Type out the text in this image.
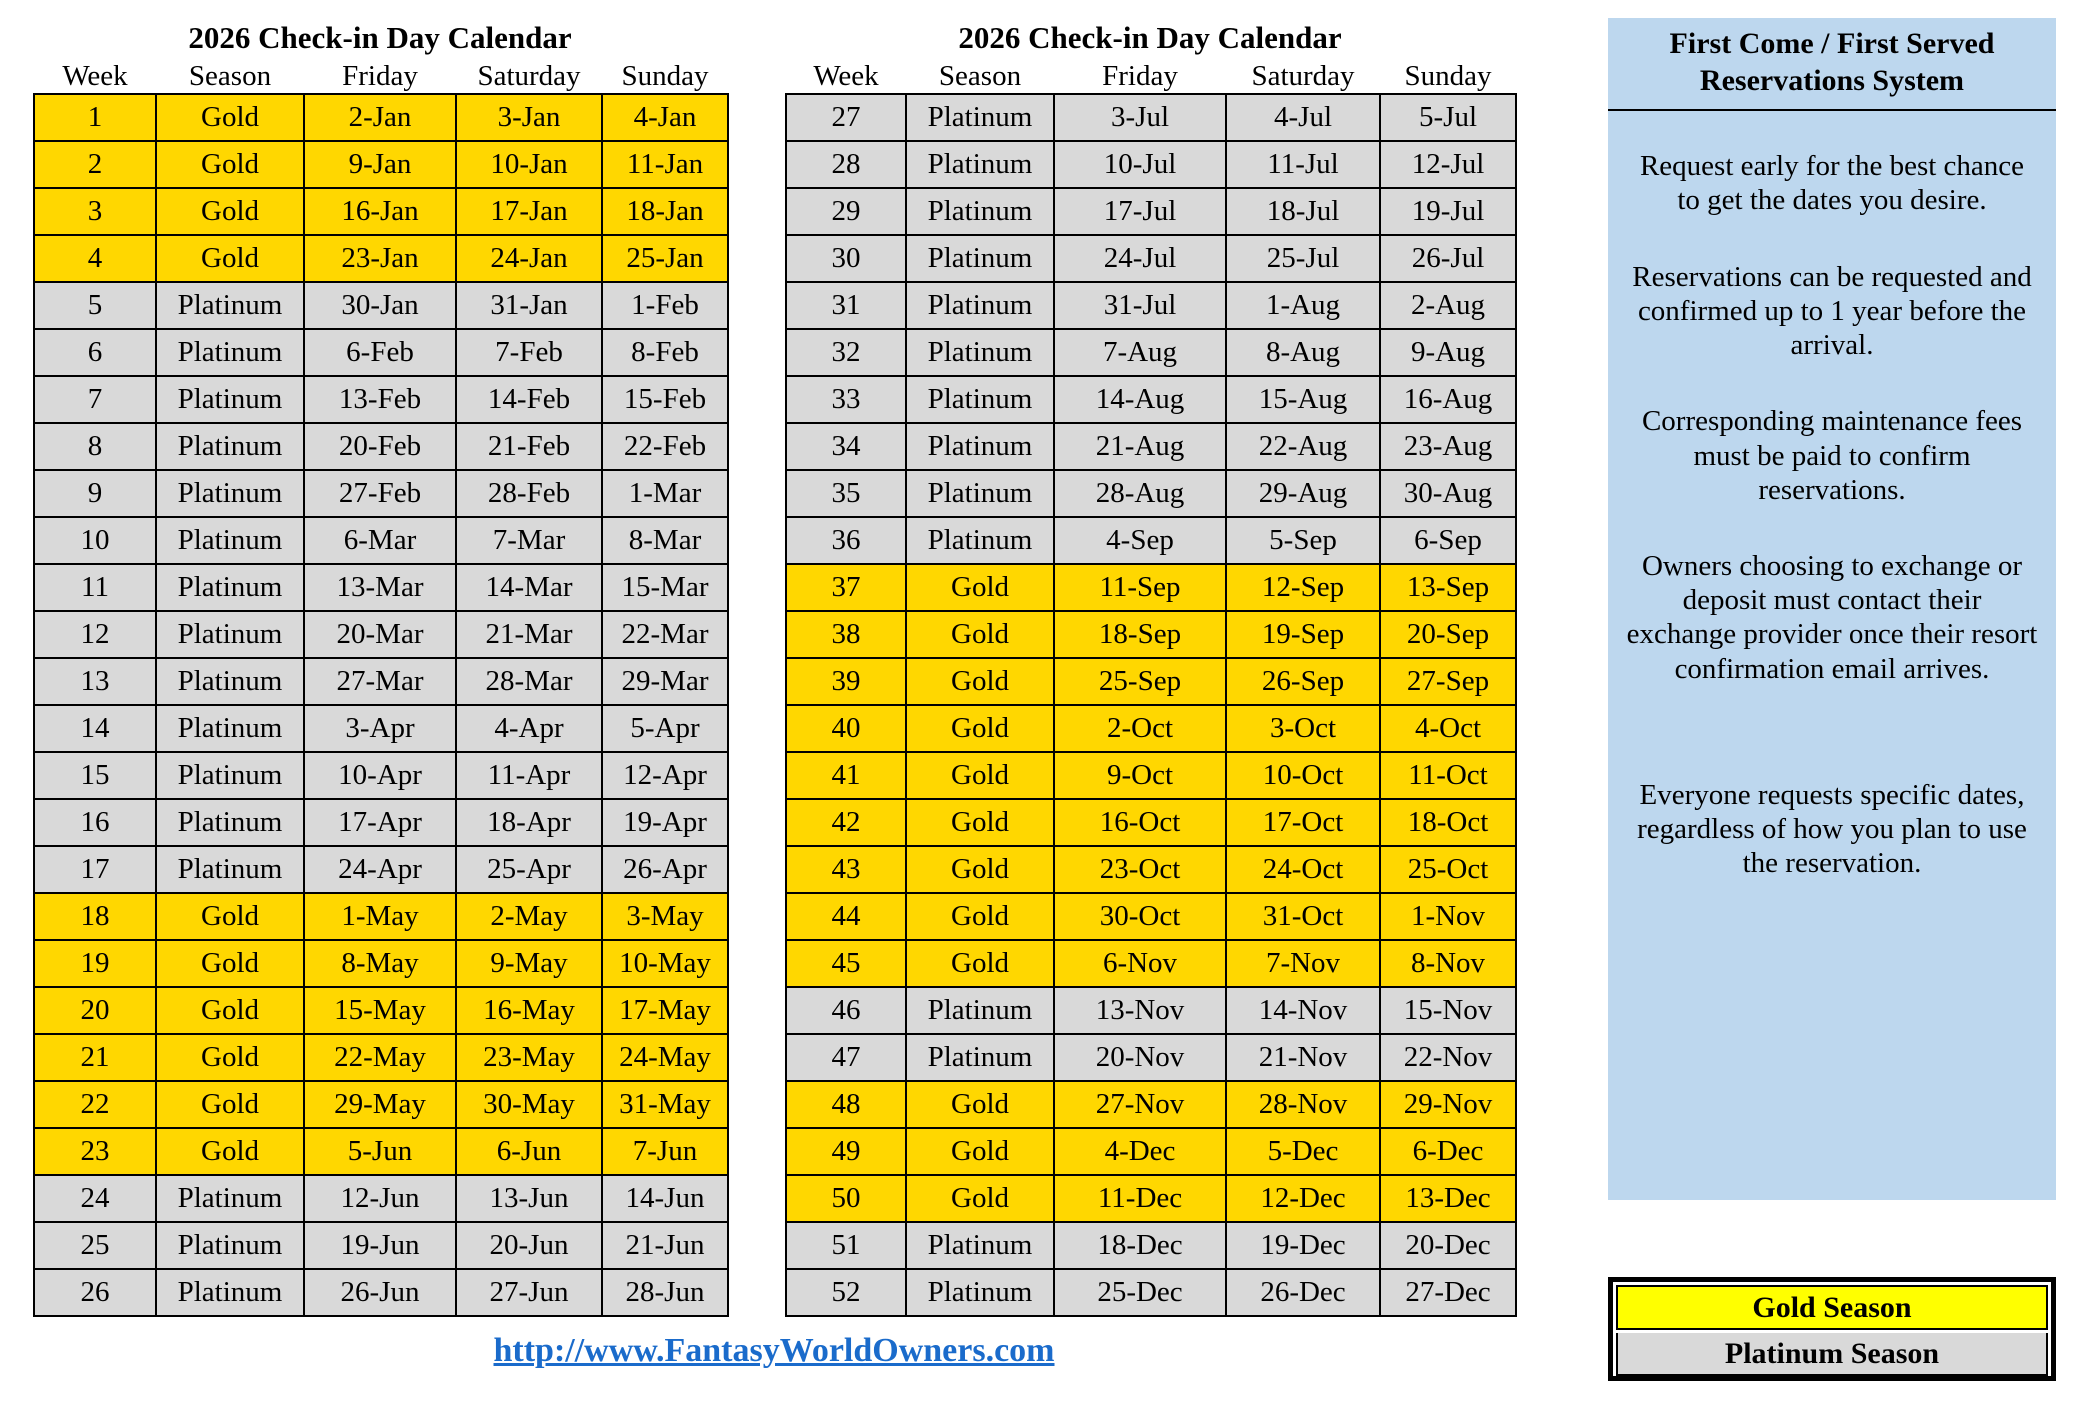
2026 Check-in Day Calendar
Week	Season	Friday	Saturday	Sunday
1	Gold	2-Jan	3-Jan	4-Jan
2	Gold	9-Jan	10-Jan	11-Jan
3	Gold	16-Jan	17-Jan	18-Jan
4	Gold	23-Jan	24-Jan	25-Jan
5	Platinum	30-Jan	31-Jan	1-Feb
6	Platinum	6-Feb	7-Feb	8-Feb
7	Platinum	13-Feb	14-Feb	15-Feb
8	Platinum	20-Feb	21-Feb	22-Feb
9	Platinum	27-Feb	28-Feb	1-Mar
10	Platinum	6-Mar	7-Mar	8-Mar
11	Platinum	13-Mar	14-Mar	15-Mar
12	Platinum	20-Mar	21-Mar	22-Mar
13	Platinum	27-Mar	28-Mar	29-Mar
14	Platinum	3-Apr	4-Apr	5-Apr
15	Platinum	10-Apr	11-Apr	12-Apr
16	Platinum	17-Apr	18-Apr	19-Apr
17	Platinum	24-Apr	25-Apr	26-Apr
18	Gold	1-May	2-May	3-May
19	Gold	8-May	9-May	10-May
20	Gold	15-May	16-May	17-May
21	Gold	22-May	23-May	24-May
22	Gold	29-May	30-May	31-May
23	Gold	5-Jun	6-Jun	7-Jun
24	Platinum	12-Jun	13-Jun	14-Jun
25	Platinum	19-Jun	20-Jun	21-Jun
26	Platinum	26-Jun	27-Jun	28-Jun
2026 Check-in Day Calendar
Week	Season	Friday	Saturday	Sunday
27	Platinum	3-Jul	4-Jul	5-Jul
28	Platinum	10-Jul	11-Jul	12-Jul
29	Platinum	17-Jul	18-Jul	19-Jul
30	Platinum	24-Jul	25-Jul	26-Jul
31	Platinum	31-Jul	1-Aug	2-Aug
32	Platinum	7-Aug	8-Aug	9-Aug
33	Platinum	14-Aug	15-Aug	16-Aug
34	Platinum	21-Aug	22-Aug	23-Aug
35	Platinum	28-Aug	29-Aug	30-Aug
36	Platinum	4-Sep	5-Sep	6-Sep
37	Gold	11-Sep	12-Sep	13-Sep
38	Gold	18-Sep	19-Sep	20-Sep
39	Gold	25-Sep	26-Sep	27-Sep
40	Gold	2-Oct	3-Oct	4-Oct
41	Gold	9-Oct	10-Oct	11-Oct
42	Gold	16-Oct	17-Oct	18-Oct
43	Gold	23-Oct	24-Oct	25-Oct
44	Gold	30-Oct	31-Oct	1-Nov
45	Gold	6-Nov	7-Nov	8-Nov
46	Platinum	13-Nov	14-Nov	15-Nov
47	Platinum	20-Nov	21-Nov	22-Nov
48	Gold	27-Nov	28-Nov	29-Nov
49	Gold	4-Dec	5-Dec	6-Dec
50	Gold	11-Dec	12-Dec	13-Dec
51	Platinum	18-Dec	19-Dec	20-Dec
52	Platinum	25-Dec	26-Dec	27-Dec
First Come / First Served Reservations System

Request early for the best chance to get the dates you desire.

Reservations can be requested and confirmed up to 1 year before the arrival.

Corresponding maintenance fees must be paid to confirm reservations.

Owners choosing to exchange or deposit must contact their exchange provider once their resort confirmation email arrives.

Everyone requests specific dates, regardless of how you plan to use the reservation.

Gold Season
Platinum Season
http://www.FantasyWorldOwners.com
